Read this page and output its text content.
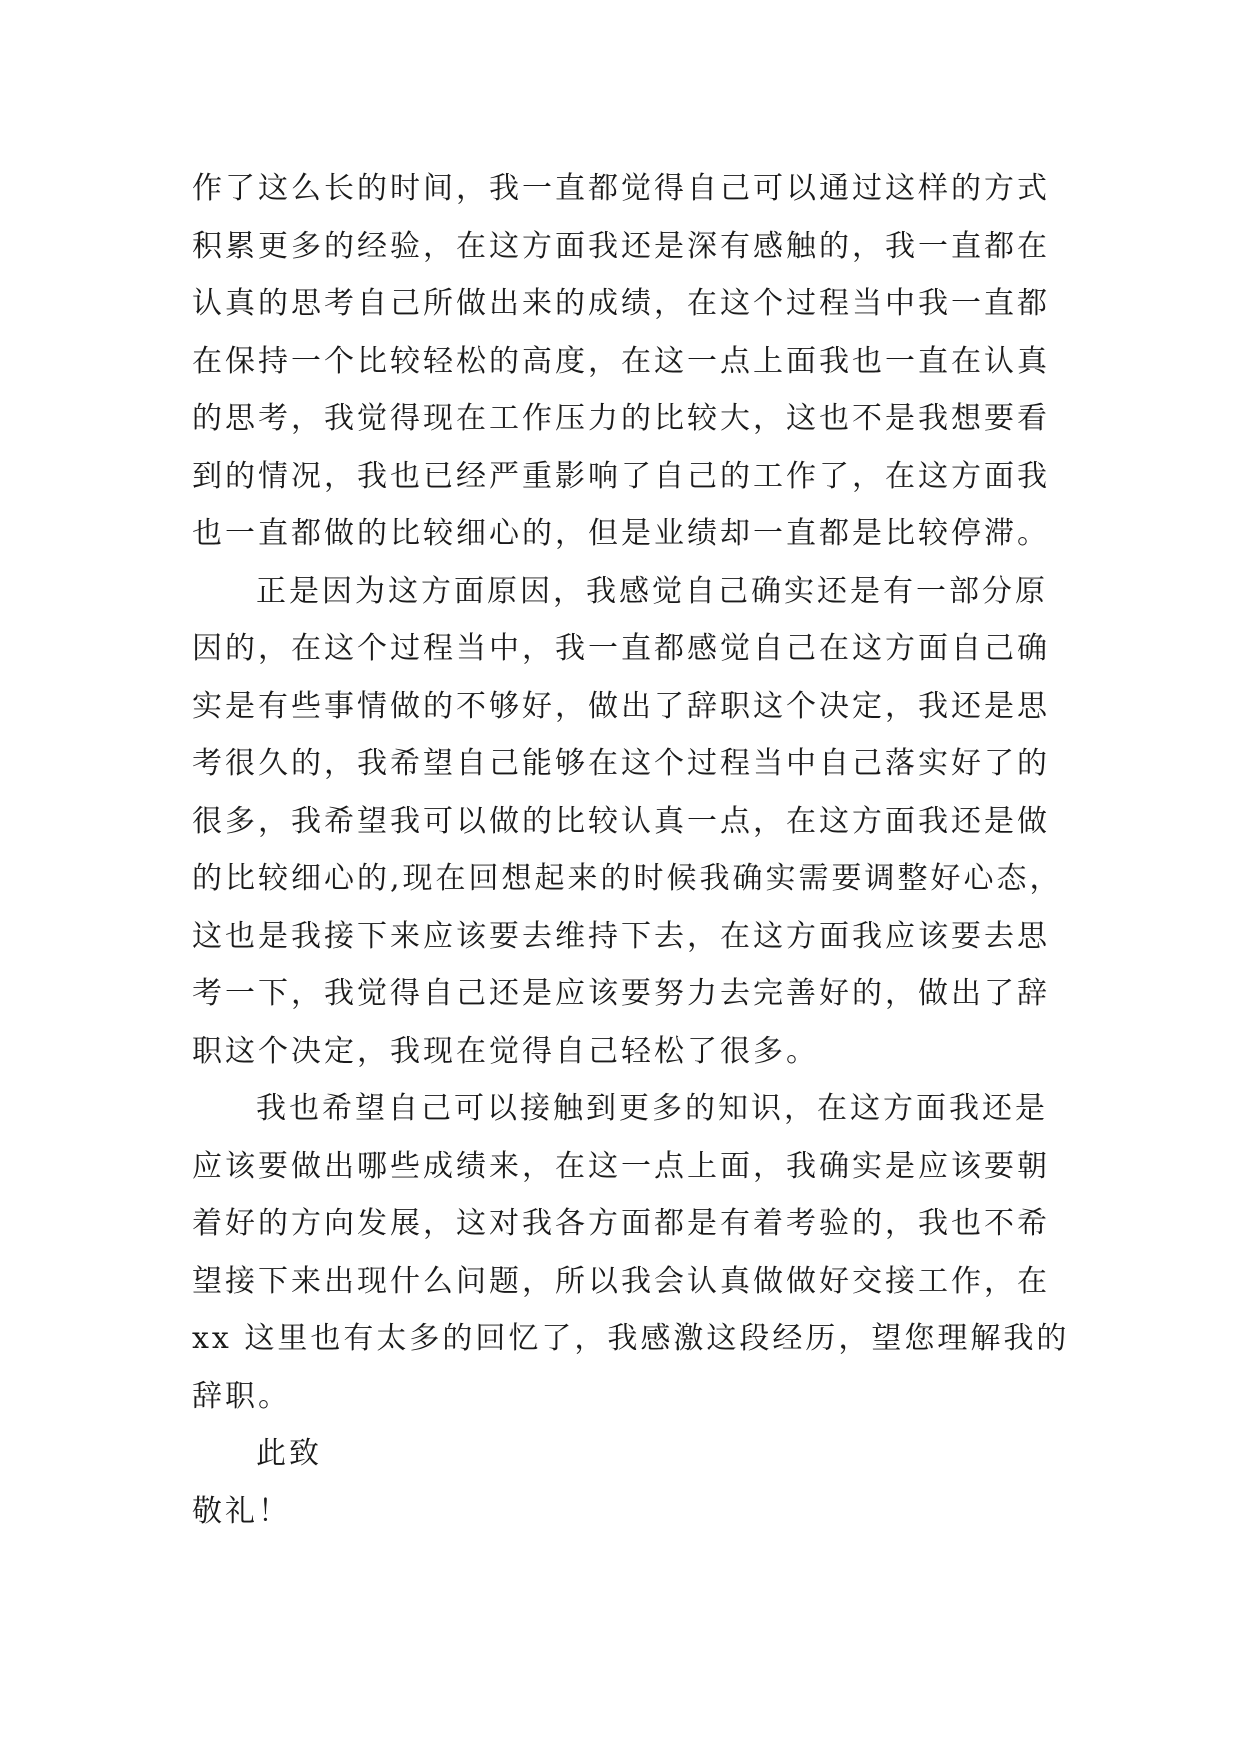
作了这么长的时间，我一直都觉得自己可以通过这样的方式
积累更多的经验，在这方面我还是深有感触的，我一直都在
认真的思考自己所做出来的成绩，在这个过程当中我一直都
在保持一个比较轻松的高度，在这一点上面我也一直在认真
的思考，我觉得现在工作压力的比较大，这也不是我想要看
到的情况，我也已经严重影响了自己的工作了，在这方面我
也一直都做的比较细心的，但是业绩却一直都是比较停滞。
正是因为这方面原因，我感觉自己确实还是有一部分原
因的，在这个过程当中，我一直都感觉自己在这方面自己确
实是有些事情做的不够好，做出了辞职这个决定，我还是思
考很久的，我希望自己能够在这个过程当中自己落实好了的
很多，我希望我可以做的比较认真一点，在这方面我还是做
的比较细心的,现在回想起来的时候我确实需要调整好心态，
这也是我接下来应该要去维持下去，在这方面我应该要去思
考一下，我觉得自己还是应该要努力去完善好的，做出了辞
职这个决定，我现在觉得自己轻松了很多。
我也希望自己可以接触到更多的知识，在这方面我还是
应该要做出哪些成绩来，在这一点上面，我确实是应该要朝
着好的方向发展，这对我各方面都是有着考验的，我也不希
望接下来出现什么问题，所以我会认真做做好交接工作，在
xx 这里也有太多的回忆了，我感激这段经历，望您理解我的
辞职。
此致
敬礼！
